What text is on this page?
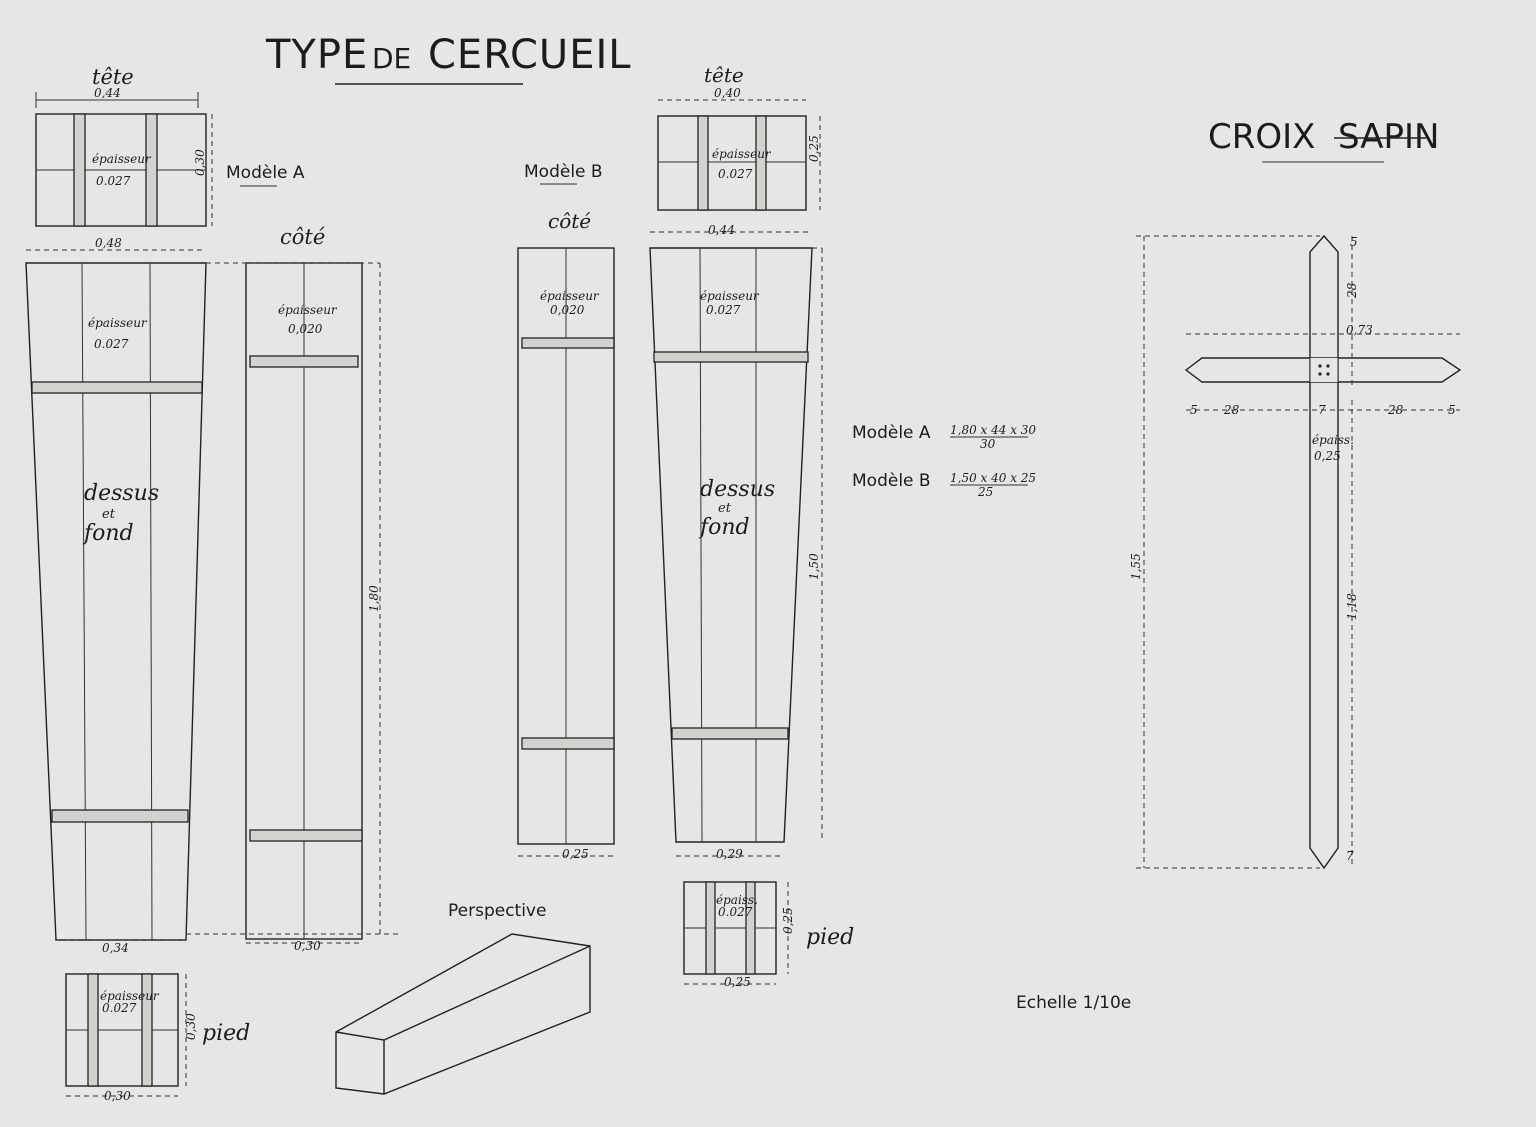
TYPE DE CERCUEIL
tête
0,44
épaisseur
0.027
0,30 Modèle A
0,48
épaisseur
0.027
dessus
et
fond
0,34
côté
épaisseur
0,020
1,80
0,30
épaisseur
0.027
0,30 pied
0,30
Perspective
Modèle B
tête
0,40
épaisseur
0.027
0,25
côté
épaisseur
0,020
0,25
0,44
épaisseur
0.027
dessus
et
fond
1,50
0,29
épaiss.
0.027 0,25
pied
0,25
Modèle A 1,80 x 44 x 30
30
Modèle B 1,50 x 40 x 25
25
CROIX SAPIN
1,55
5
28
0,73
5 28	7	28	5
épaiss.
0,25
1,18
7
Echelle 1/10e
